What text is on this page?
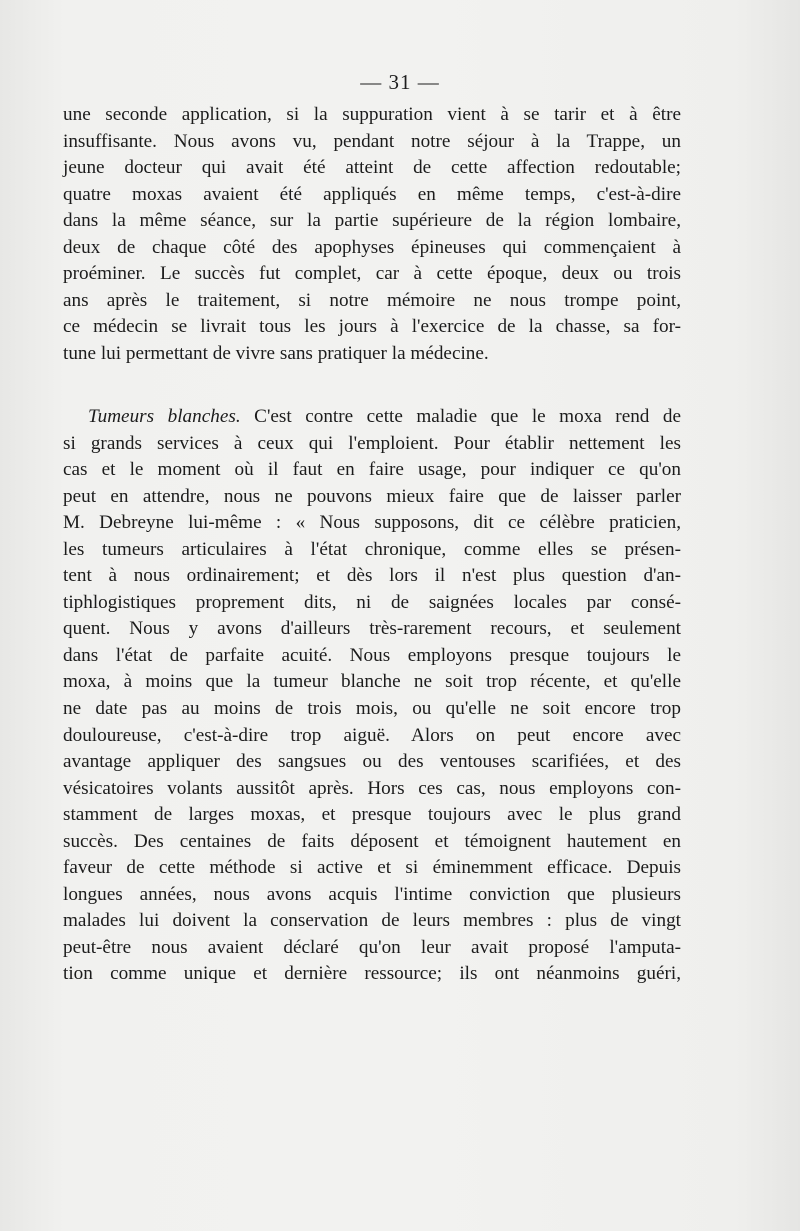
— 31 —
une seconde application, si la suppuration vient à se tarir et à être
insuffisante. Nous avons vu, pendant notre séjour à la Trappe, un
jeune docteur qui avait été atteint de cette affection redoutable;
quatre moxas avaient été appliqués en même temps, c'est-à-dire
dans la même séance, sur la partie supérieure de la région lombaire,
deux de chaque côté des apophyses épineuses qui commençaient à
proéminer. Le succès fut complet, car à cette époque, deux ou trois
ans après le traitement, si notre mémoire ne nous trompe point,
ce médecin se livrait tous les jours à l'exercice de la chasse, sa for-
tune lui permettant de vivre sans pratiquer la médecine.
Tumeurs blanches. C'est contre cette maladie que le moxa rend de
si grands services à ceux qui l'emploient. Pour établir nettement les
cas et le moment où il faut en faire usage, pour indiquer ce qu'on
peut en attendre, nous ne pouvons mieux faire que de laisser parler
M. Debreyne lui-même : « Nous supposons, dit ce célèbre praticien,
les tumeurs articulaires à l'état chronique, comme elles se présen-
tent à nous ordinairement; et dès lors il n'est plus question d'an-
tiphlogistiques proprement dits, ni de saignées locales par consé-
quent. Nous y avons d'ailleurs très-rarement recours, et seulement
dans l'état de parfaite acuité. Nous employons presque toujours le
moxa, à moins que la tumeur blanche ne soit trop récente, et qu'elle
ne date pas au moins de trois mois, ou qu'elle ne soit encore trop
douloureuse, c'est-à-dire trop aiguë. Alors on peut encore avec
avantage appliquer des sangsues ou des ventouses scarifiées, et des
vésicatoires volants aussitôt après. Hors ces cas, nous employons con-
stamment de larges moxas, et presque toujours avec le plus grand
succès. Des centaines de faits déposent et témoignent hautement en
faveur de cette méthode si active et si éminemment efficace. Depuis
longues années, nous avons acquis l'intime conviction que plusieurs
malades lui doivent la conservation de leurs membres : plus de vingt
peut-être nous avaient déclaré qu'on leur avait proposé l'amputa-
tion comme unique et dernière ressource; ils ont néanmoins guéri,
